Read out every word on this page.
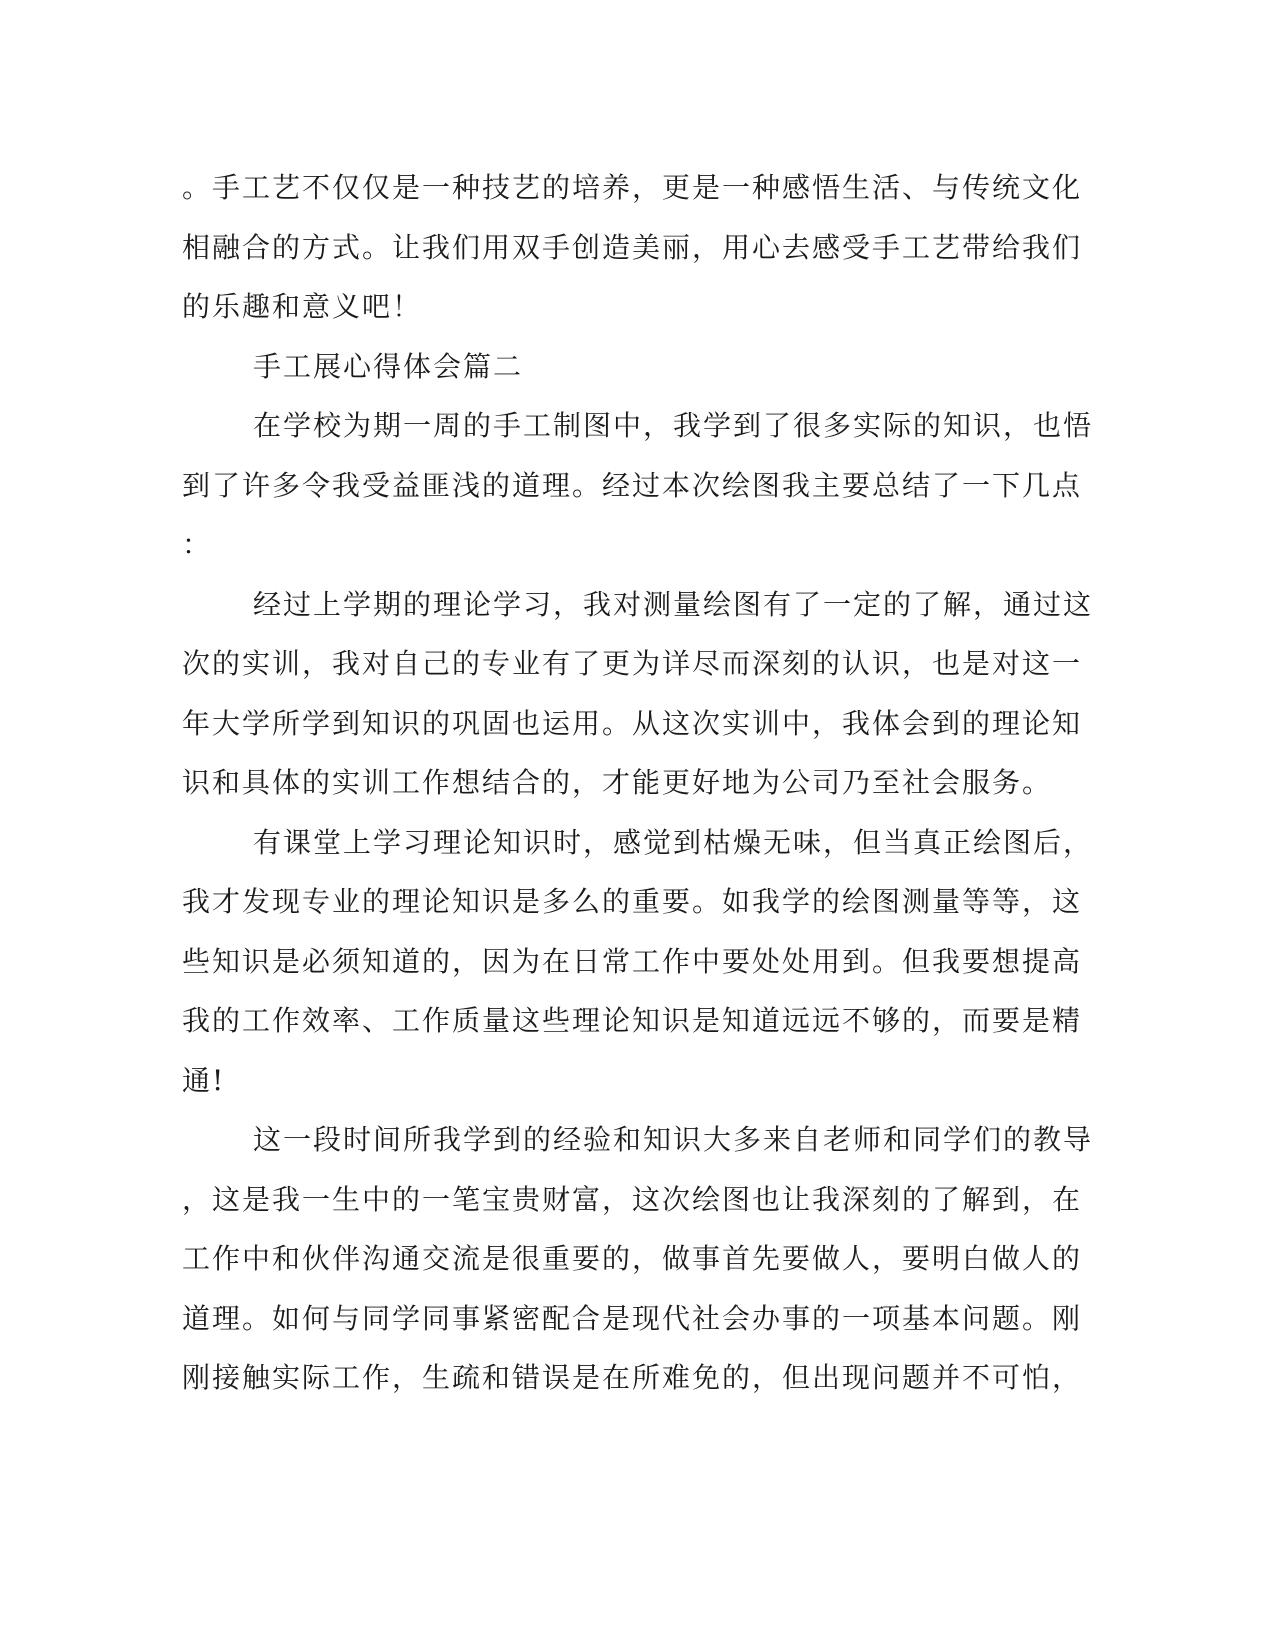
。手工艺不仅仅是一种技艺的培养，更是一种感悟生活、与传统文化
相融合的方式。让我们用双手创造美丽，用心去感受手工艺带给我们
的乐趣和意义吧！
手工展心得体会篇二
在学校为期一周的手工制图中，我学到了很多实际的知识，也悟
到了许多令我受益匪浅的道理。经过本次绘图我主要总结了一下几点
：
经过上学期的理论学习，我对测量绘图有了一定的了解，通过这
次的实训，我对自己的专业有了更为详尽而深刻的认识，也是对这一
年大学所学到知识的巩固也运用。从这次实训中，我体会到的理论知
识和具体的实训工作想结合的，才能更好地为公司乃至社会服务。
有课堂上学习理论知识时，感觉到枯燥无味，但当真正绘图后，
我才发现专业的理论知识是多么的重要。如我学的绘图测量等等，这
些知识是必须知道的，因为在日常工作中要处处用到。但我要想提高
我的工作效率、工作质量这些理论知识是知道远远不够的，而要是精
通!
这一段时间所我学到的经验和知识大多来自老师和同学们的教导
，这是我一生中的一笔宝贵财富，这次绘图也让我深刻的了解到，在
工作中和伙伴沟通交流是很重要的，做事首先要做人，要明白做人的
道理。如何与同学同事紧密配合是现代社会办事的一项基本问题。刚
刚接触实际工作，生疏和错误是在所难免的，但出现问题并不可怕，
